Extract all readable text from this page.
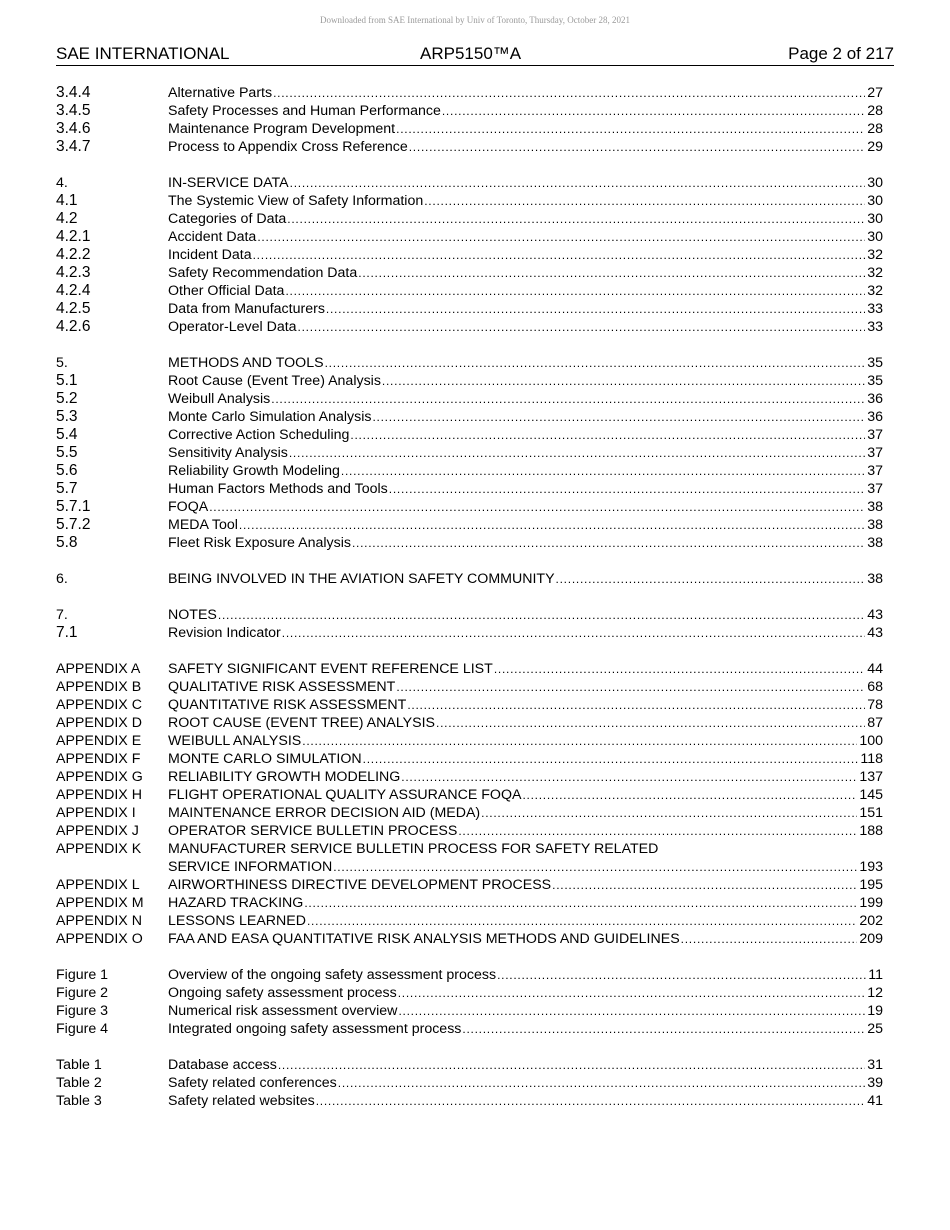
Downloaded from SAE International by Univ of Toronto, Thursday, October 28, 2021
SAE INTERNATIONAL	ARP5150™A	Page 2 of 217
3.4.4	Alternative Parts . . .	27
3.4.5	Safety Processes and Human Performance . . .	28
3.4.6	Maintenance Program Development . . .	28
3.4.7	Process to Appendix Cross Reference . . .	29
4.	IN-SERVICE DATA . . .	30
4.1	The Systemic View of Safety Information . . .	30
4.2	Categories of Data . . .	30
4.2.1	Accident Data . . .	30
4.2.2	Incident Data . . .	32
4.2.3	Safety Recommendation Data . . .	32
4.2.4	Other Official Data . . .	32
4.2.5	Data from Manufacturers . . .	33
4.2.6	Operator-Level Data . . .	33
5.	METHODS AND TOOLS . . .	35
5.1	Root Cause (Event Tree) Analysis . . .	35
5.2	Weibull Analysis . . .	36
5.3	Monte Carlo Simulation Analysis . . .	36
5.4	Corrective Action Scheduling . . .	37
5.5	Sensitivity Analysis . . .	37
5.6	Reliability Growth Modeling . . .	37
5.7	Human Factors Methods and Tools . . .	37
5.7.1	FOQA . . .	38
5.7.2	MEDA Tool . . .	38
5.8	Fleet Risk Exposure Analysis . . .	38
6.	BEING INVOLVED IN THE AVIATION SAFETY COMMUNITY . . .	38
7.	NOTES . . .	43
7.1	Revision Indicator . . .	43
APPENDIX A	SAFETY SIGNIFICANT EVENT REFERENCE LIST . . .	44
APPENDIX B	QUALITATIVE RISK ASSESSMENT . . .	68
APPENDIX C	QUANTITATIVE RISK ASSESSMENT . . .	78
APPENDIX D	ROOT CAUSE (EVENT TREE) ANALYSIS . . .	87
APPENDIX E	WEIBULL ANALYSIS . . .	100
APPENDIX F	MONTE CARLO SIMULATION . . .	118
APPENDIX G	RELIABILITY GROWTH MODELING . . .	137
APPENDIX H	FLIGHT OPERATIONAL QUALITY ASSURANCE FOQA . . .	145
APPENDIX I	MAINTENANCE ERROR DECISION AID (MEDA) . . .	151
APPENDIX J	OPERATOR SERVICE BULLETIN PROCESS . . .	188
APPENDIX K	MANUFACTURER SERVICE BULLETIN PROCESS FOR SAFETY RELATED
SERVICE INFORMATION . . .	193
APPENDIX L	AIRWORTHINESS DIRECTIVE DEVELOPMENT PROCESS . . .	195
APPENDIX M	HAZARD TRACKING . . .	199
APPENDIX N	LESSONS LEARNED . . .	202
APPENDIX O	FAA AND EASA QUANTITATIVE RISK ANALYSIS METHODS AND GUIDELINES . . .	209
Figure 1	Overview of the ongoing safety assessment process . . .	11
Figure 2	Ongoing safety assessment process . . .	12
Figure 3	Numerical risk assessment overview . . .	19
Figure 4	Integrated ongoing safety assessment process . . .	25
Table 1	Database access . . .	31
Table 2	Safety related conferences . . .	39
Table 3	Safety related websites . . .	41
